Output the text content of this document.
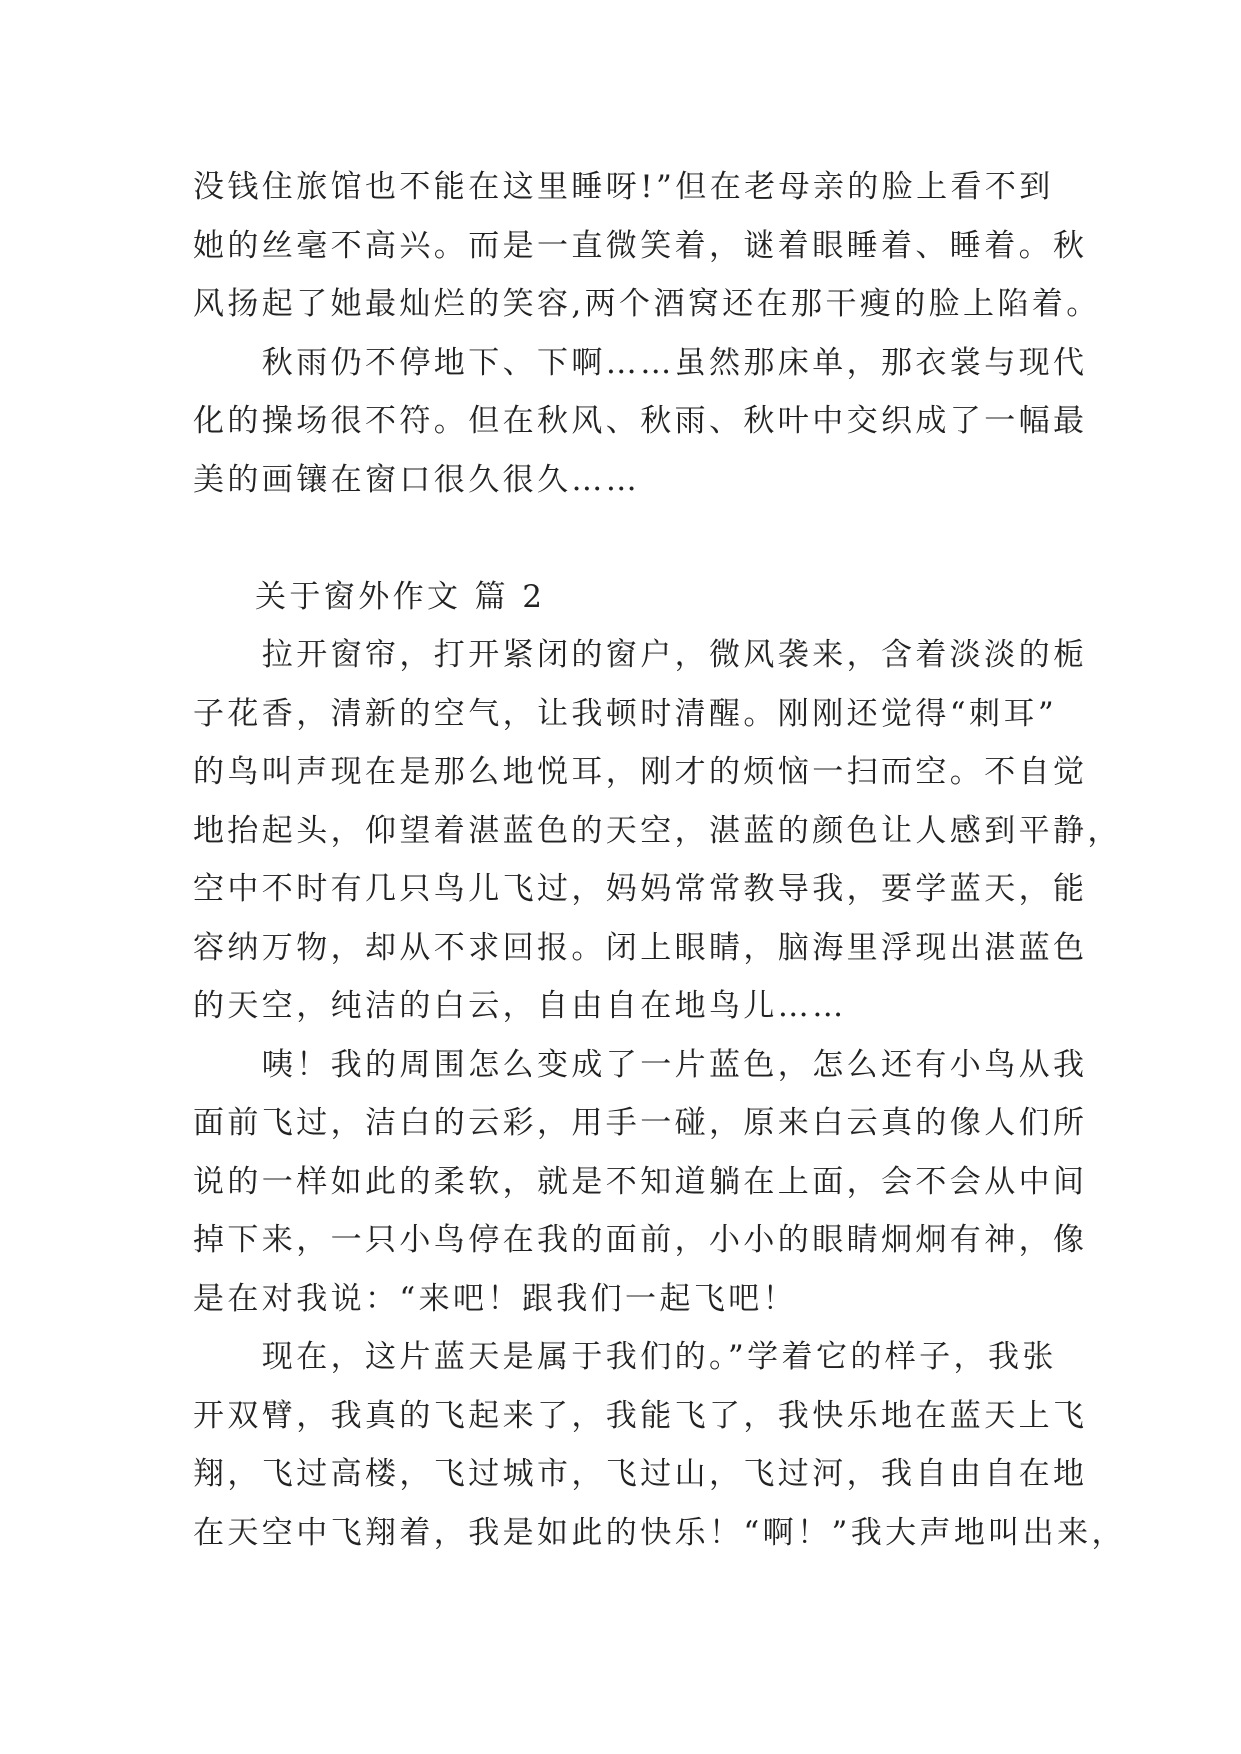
没钱住旅馆也不能在这里睡呀!”但在老母亲的脸上看不到
她的丝毫不高兴。而是一直微笑着，谜着眼睡着、睡着。秋
风扬起了她最灿烂的笑容,两个酒窝还在那干瘦的脸上陷着。
　　秋雨仍不停地下、下啊……虽然那床单，那衣裳与现代
化的操场很不符。但在秋风、秋雨、秋叶中交织成了一幅最
美的画镶在窗口很久很久……
关于窗外作文 篇 2
　　拉开窗帘，打开紧闭的窗户，微风袭来，含着淡淡的栀
子花香，清新的空气，让我顿时清醒。刚刚还觉得“刺耳”
的鸟叫声现在是那么地悦耳，刚才的烦恼一扫而空。不自觉
地抬起头，仰望着湛蓝色的天空，湛蓝的颜色让人感到平静，
空中不时有几只鸟儿飞过，妈妈常常教导我，要学蓝天，能
容纳万物，却从不求回报。闭上眼睛，脑海里浮现出湛蓝色
的天空，纯洁的白云，自由自在地鸟儿……
　　咦！我的周围怎么变成了一片蓝色，怎么还有小鸟从我
面前飞过，洁白的云彩，用手一碰，原来白云真的像人们所
说的一样如此的柔软，就是不知道躺在上面，会不会从中间
掉下来，一只小鸟停在我的面前，小小的眼睛炯炯有神，像
是在对我说：“来吧！跟我们一起飞吧！
　　现在，这片蓝天是属于我们的。”学着它的样子，我张
开双臂，我真的飞起来了，我能飞了，我快乐地在蓝天上飞
翔，飞过高楼，飞过城市，飞过山，飞过河，我自由自在地
在天空中飞翔着，我是如此的快乐！“啊！”我大声地叫出来，
